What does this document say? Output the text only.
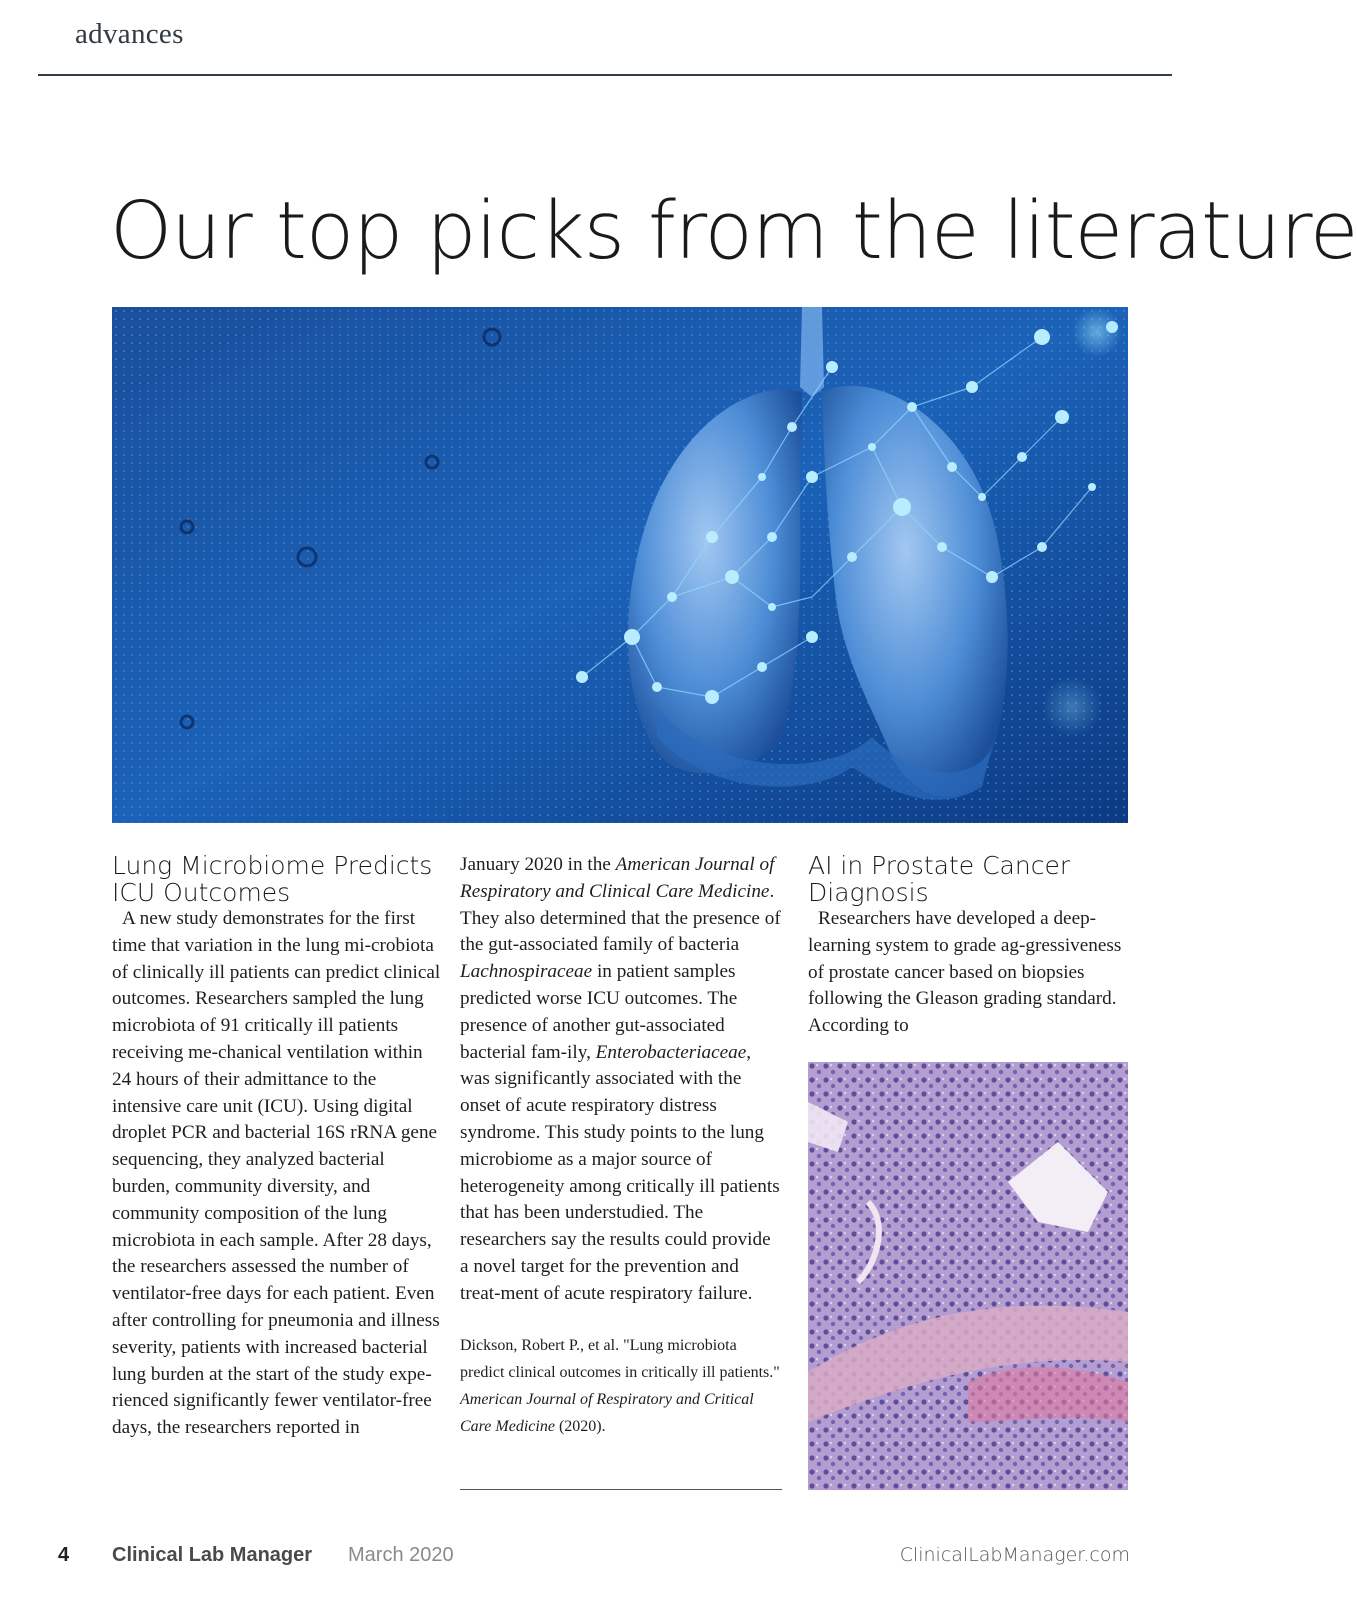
advances
Our top picks from the literature
Lung Microbiome Predicts ICU Outcomes

A new study demonstrates for the first time that variation in the lung mi-crobiota of clinically ill patients can predict clinical outcomes. Researchers sampled the lung microbiota of 91 critically ill patients receiving me-chanical ventilation within 24 hours of their admittance to the intensive care unit (ICU). Using digital droplet PCR and bacterial 16S rRNA gene sequencing, they analyzed bacterial burden, community diversity, and community composition of the lung microbiota in each sample. After 28 days, the researchers assessed the number of ventilator-free days for each patient. Even after controlling for pneumonia and illness severity, patients with increased bacterial lung burden at the start of the study expe-rienced significantly fewer ventilator-free days, the researchers reported in

January 2020 in the American Journal of Respiratory and Clinical Care Medicine. They also determined that the presence of the gut-associated family of bacteria Lachnospiraceae in patient samples predicted worse ICU outcomes. The presence of another gut-associated bacterial fam-ily, Enterobacteriaceae, was significantly associated with the onset of acute respiratory distress syndrome. This study points to the lung microbiome as a major source of heterogeneity among critically ill patients that has been understudied. The researchers say the results could provide a novel target for the prevention and treat-ment of acute respiratory failure.

Dickson, Robert P., et al. "Lung microbiota predict clinical outcomes in critically ill patients." American Journal of Respiratory and Critical Care Medicine (2020).

AI in Prostate Cancer Diagnosis

Researchers have developed a deep-learning system to grade ag-gressiveness of prostate cancer based on biopsies following the Gleason grading standard. According to

4 Clinical Lab Manager March 2020	ClinicalLabManager.com
